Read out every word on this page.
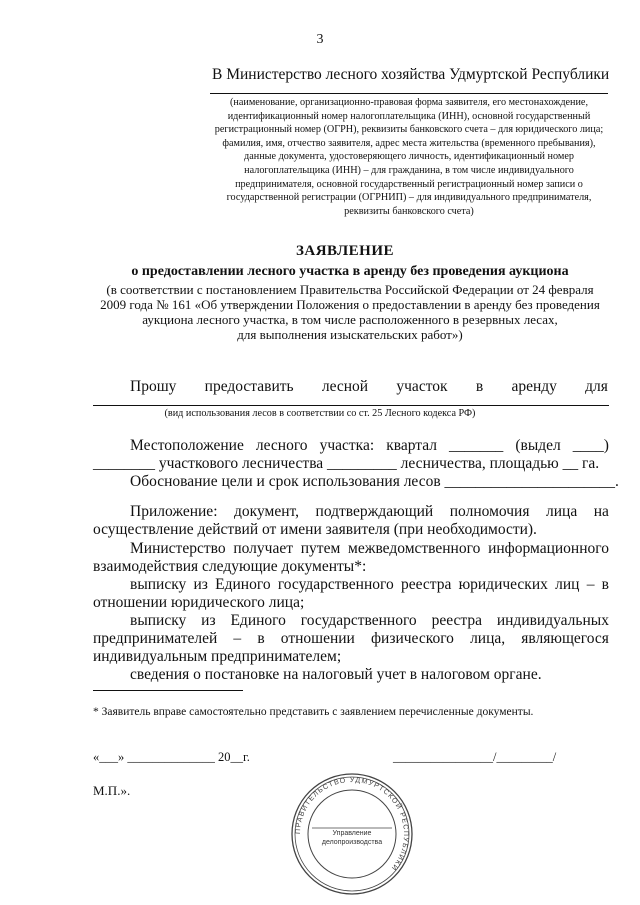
3
В Министерство лесного хозяйства Удмуртской Республики
(наименование, организационно-правовая форма заявителя, его местонахождение,
идентификационный номер налогоплательщика (ИНН), основной государственный
регистрационный номер (ОГРН), реквизиты банковского счета – для юридического лица;
фамилия, имя, отчество заявителя, адрес места жительства (временного пребывания),
данные документа, удостоверяющего личность, идентификационный номер
налогоплательщика (ИНН) – для гражданина, в том числе индивидуального
предпринимателя, основной государственный регистрационный номер записи о
государственной регистрации (ОГРНИП) – для индивидуального предпринимателя,
реквизиты банковского счета)
ЗАЯВЛЕНИЕ
о предоставлении лесного участка в аренду без проведения аукциона
(в соответствии с постановлением Правительства Российской Федерации от 24 февраля
2009 года № 161 «Об утверждении Положения о предоставлении в аренду без проведения
аукциона лесного участка, в том числе расположенного в резервных лесах,
для выполнения изыскательских работ»)
Прошу предоставить лесной участок в аренду для
(вид использования лесов в соответствии со ст. 25 Лесного кодекса РФ)
Местоположение лесного участка: квартал _______ (выдел ____)
________ участкового лесничества _________ лесничества, площадью __ га.
Обоснование цели и срок использования лесов ______________________.
Приложение: документ, подтверждающий полномочия лица на
осуществление действий от имени заявителя (при необходимости).
Министерство получает путем межведомственного информационного
взаимодействия следующие документы*:
выписку из Единого государственного реестра юридических лиц – в
отношении юридического лица;
выписку из Единого государственного реестра индивидуальных
предпринимателей – в отношении физического лица, являющегося
индивидуальным предпринимателем;
сведения о постановке на налоговый учет в налоговом органе.
* Заявитель вправе самостоятельно представить с заявлением перечисленные документы.
«___» ______________ 20__г.	________________/_________/
М.П.».
ПРАВИТЕЛЬСТВО УДМУРТСКОЙ РЕСПУБЛИКИ
Управление
делопроизводства
